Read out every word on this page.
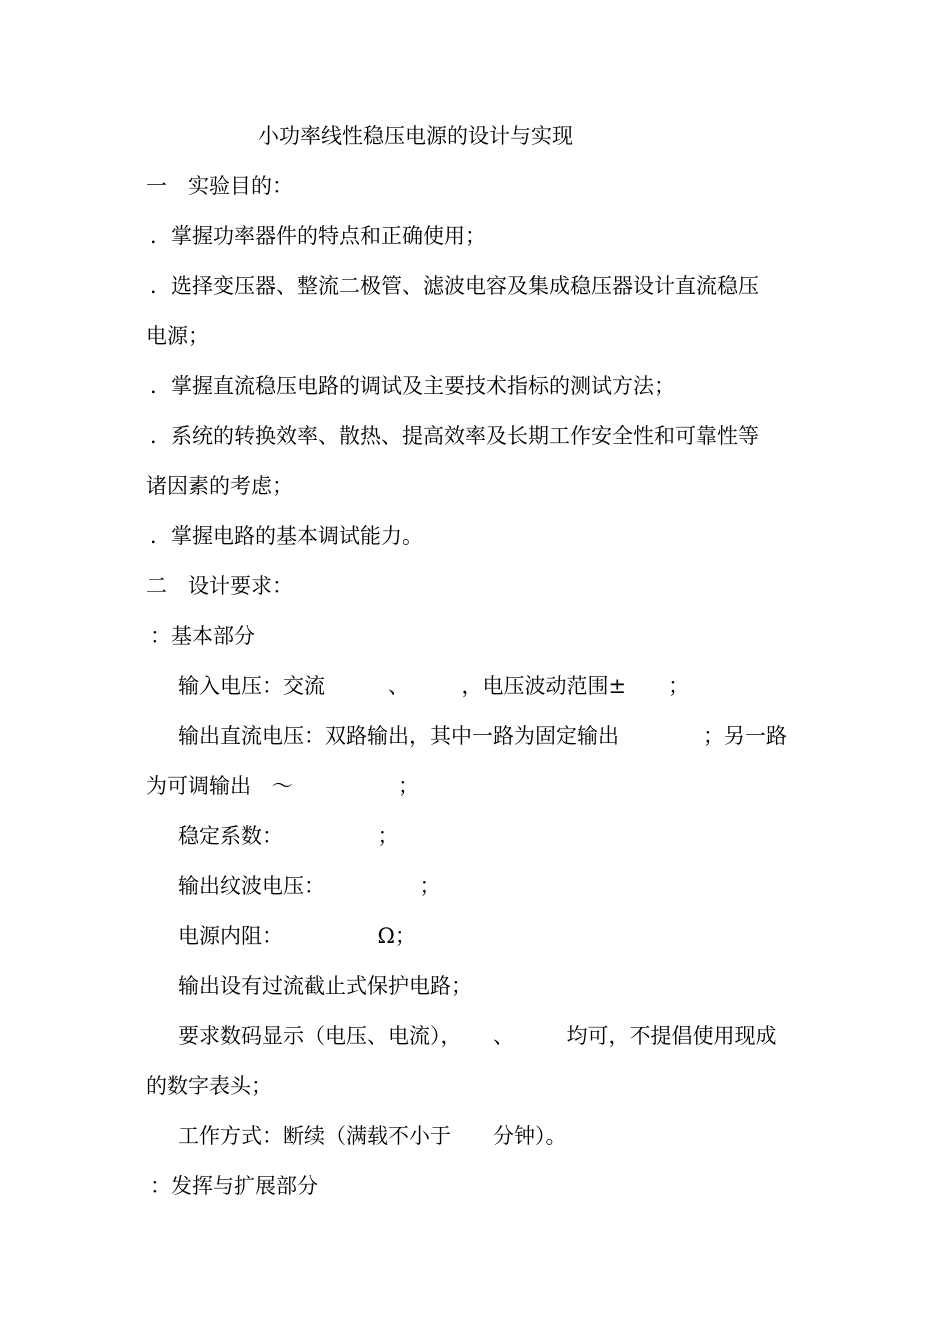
小功率线性稳压电源的设计与实现

一　实验目的：

．掌握功率器件的特点和正确使用；

．选择变压器、整流二极管、滤波电容及集成稳压器设计直流稳压

电源；

．掌握直流稳压电路的调试及主要技术指标的测试方法；

．系统的转换效率、散热、提高效率及长期工作安全性和可靠性等

诸因素的考虑；

．掌握电路的基本调试能力。

二　设计要求：

：基本部分

输入电压：交流　　　、　　　，电压波动范围±　　；

输出直流电压：双路输出，其中一路为固定输出　　　　；另一路

为可调输出　～　　　　　；

稳定系数：　　　　　；

输出纹波电压：　　　　　；

电源内阻：　　　　　Ω；

输出设有过流截止式保护电路；

要求数码显示（电压、电流），　　、　　　均可，不提倡使用现成

的数字表头；

工作方式：断续（满载不小于　　分钟）。

：发挥与扩展部分
